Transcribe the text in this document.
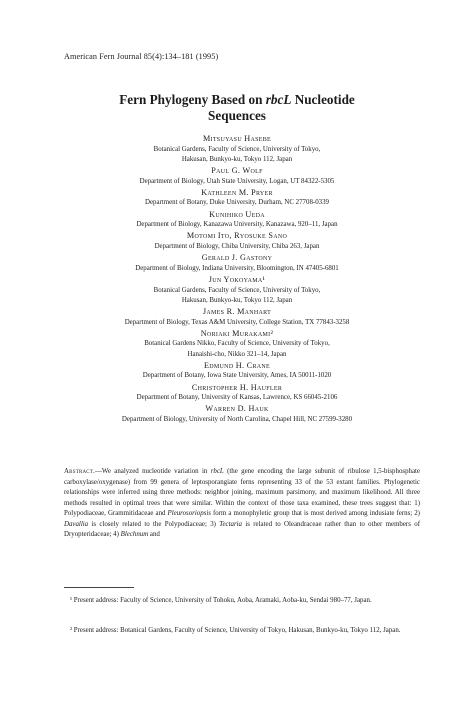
American Fern Journal 85(4):134–181 (1995)
Fern Phylogeny Based on rbcL Nucleotide
Sequences
Mitsuyasu Hasebe
Botanical Gardens, Faculty of Science, University of Tokyo,
Hakusan, Bunkyo-ku, Tokyo 112, Japan
Paul G. Wolf
Department of Biology, Utah State University, Logan, UT 84322-5305
Kathleen M. Pryer
Department of Botany, Duke University, Durham, NC 27708-0339
Kunihiko Ueda
Department of Biology, Kanazawa University, Kanazawa, 920–11, Japan
Motomi Ito, Ryosuke Sano
Department of Biology, Chiba University, Chiba 263, Japan
Gerald J. Gastony
Department of Biology, Indiana University, Bloomington, IN 47405-6801
Jun Yokoyama¹
Botanical Gardens, Faculty of Science, University of Tokyo,
Hakusan, Bunkyo-ku, Tokyo 112, Japan
James R. Manhart
Department of Biology, Texas A&M University, College Station, TX 77843-3258
Noriaki Murakami²
Botanical Gardens Nikko, Faculty of Science, University of Tokyo,
Hanaishi-cho, Nikko 321–14, Japan
Edmund H. Crane
Department of Botany, Iowa State University, Ames, IA 50011-1020
Christopher H. Haufler
Department of Botany, University of Kansas, Lawrence, KS 66045-2106
Warren D. Hauk
Department of Biology, University of North Carolina, Chapel Hill, NC 27599-3280
Abstract.—We analyzed nucleotide variation in rbcL (the gene encoding the large subunit of ribulose 1,5-bisphosphate carboxylase/oxygenase) from 99 genera of leptosporangiate ferns representing 33 of the 53 extant families. Phylogenetic relationships were inferred using three methods: neighbor joining, maximum parsimony, and maximum likelihood. All three methods resulted in optimal trees that were similar. Within the context of those taxa examined, these trees suggest that: 1) Polypodiaceae, Grammitidaceae and Pleurosoriopsis form a monophyletic group that is most derived among indusiate ferns; 2) Davallia is closely related to the Polypodiaceae; 3) Tectaria is related to Oleandraceae rather than to other members of Dryopteridaceae; 4) Blechnum and
¹ Present address: Faculty of Science, University of Tohoku, Aoba, Aramaki, Aoba-ku, Sendai 980–77, Japan.
² Present address: Botanical Gardens, Faculty of Science, University of Tokyo, Hakusan, Bunkyo-ku, Tokyo 112, Japan.
